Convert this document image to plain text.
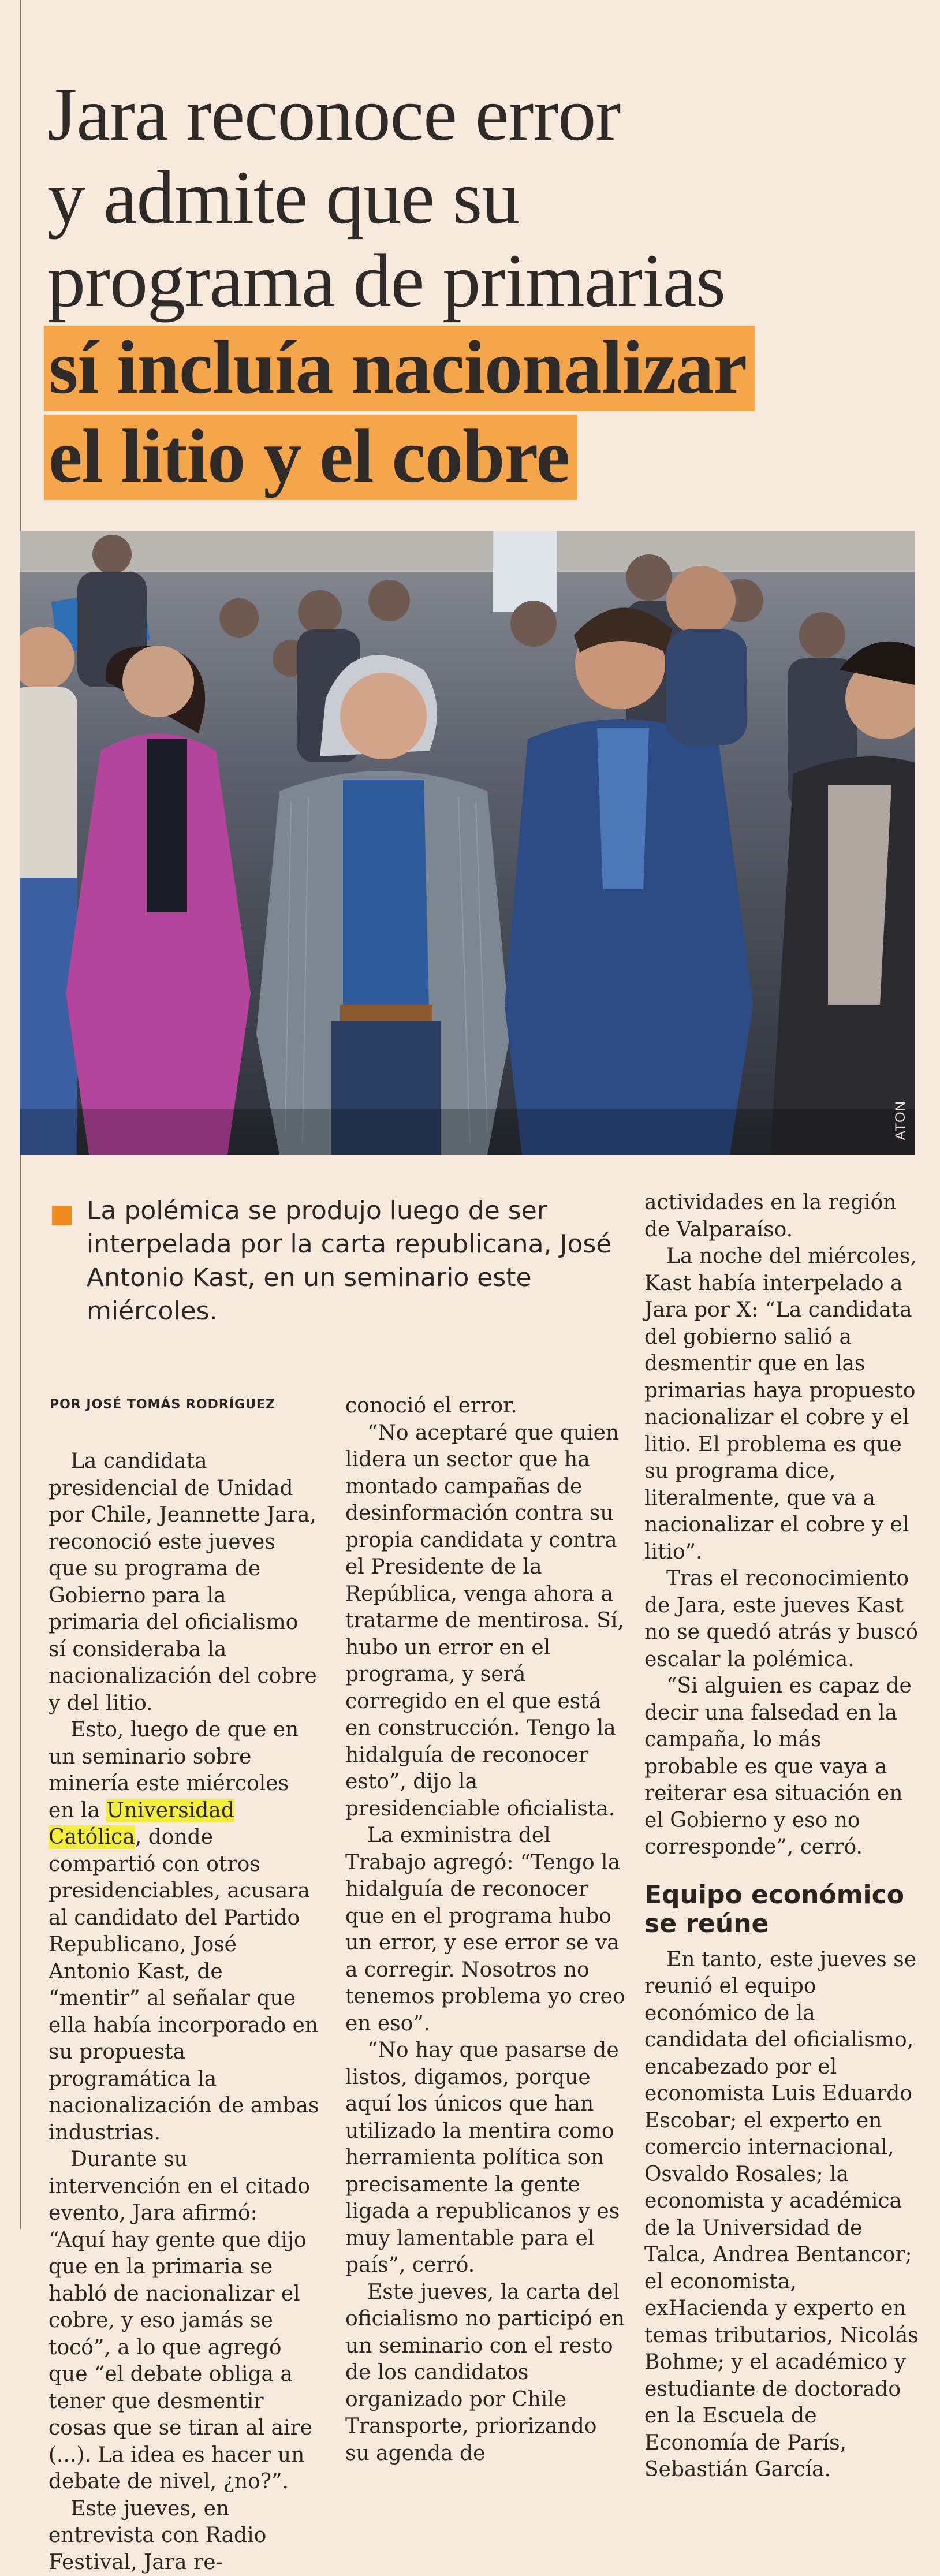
Jara reconoce error
y admite que su
programa de primarias
sí incluía nacionalizar
el litio y el cobre
ATON
La polémica se produjo luego de ser interpelada por la carta republicana, José Antonio Kast, en un seminario este miércoles.
POR JOSÉ TOMÁS RODRÍGUEZ

La candidata presidencial de Unidad por Chile, Jeannette Jara, reconoció este jueves que su programa de Gobierno para la primaria del oficialismo sí consideraba la nacionalización del cobre y del litio.

Esto, luego de que en un seminario sobre minería este miércoles en la Universidad Católica, donde compartió con otros presidenciables, acusara al candidato del Partido Republicano, José Antonio Kast, de “mentir” al señalar que ella había incorporado en su propuesta programática la nacionalización de ambas industrias.

Durante su intervención en el citado evento, Jara afirmó: “Aquí hay gente que dijo que en la primaria se habló de nacionalizar el cobre, y eso jamás se tocó”, a lo que agregó que “el debate obliga a tener que desmentir cosas que se tiran al aire (...). La idea es hacer un debate de nivel, ¿no?”.

Este jueves, en entrevista con Radio Festival, Jara re-

conoció el error.

“No aceptaré que quien lidera un sector que ha montado campañas de desinformación contra su propia candidata y contra el Presidente de la República, venga ahora a tratarme de mentirosa. Sí, hubo un error en el programa, y será corregido en el que está en construcción. Tengo la hidalguía de reconocer esto”, dijo la presidenciable oficialista.

La exministra del Trabajo agregó: “Tengo la hidalguía de reconocer que en el programa hubo un error, y ese error se va a corregir. Nosotros no tenemos problema yo creo en eso”.

“No hay que pasarse de listos, digamos, porque aquí los únicos que han utilizado la mentira como herramienta política son precisamente la gente ligada a republicanos y es muy lamentable para el país”, cerró.

Este jueves, la carta del oficialismo no participó en un seminario con el resto de los candidatos organizado por Chile Transporte, priorizando su agenda de

actividades en la región de Valparaíso.

La noche del miércoles, Kast había interpelado a Jara por X: “La candidata del gobierno salió a desmentir que en las primarias haya propuesto nacionalizar el cobre y el litio. El problema es que su programa dice, literalmente, que va a nacionalizar el cobre y el litio”.

Tras el reconocimiento de Jara, este jueves Kast no se quedó atrás y buscó escalar la polémica.

“Si alguien es capaz de decir una falsedad en la campaña, lo más probable es que vaya a reiterar esa situación en el Gobierno y eso no corresponde”, cerró.

Equipo económico se reúne

En tanto, este jueves se reunió el equipo económico de la candidata del oficialismo, encabezado por el economista Luis Eduardo Escobar; el experto en comercio internacional, Osvaldo Rosales; la economista y académica de la Universidad de Talca, Andrea Bentancor; el economista, exHacienda y experto en temas tributarios, Nicolás Bohme; y el académico y estudiante de doctorado en la Escuela de Economía de París, Sebastián García.
